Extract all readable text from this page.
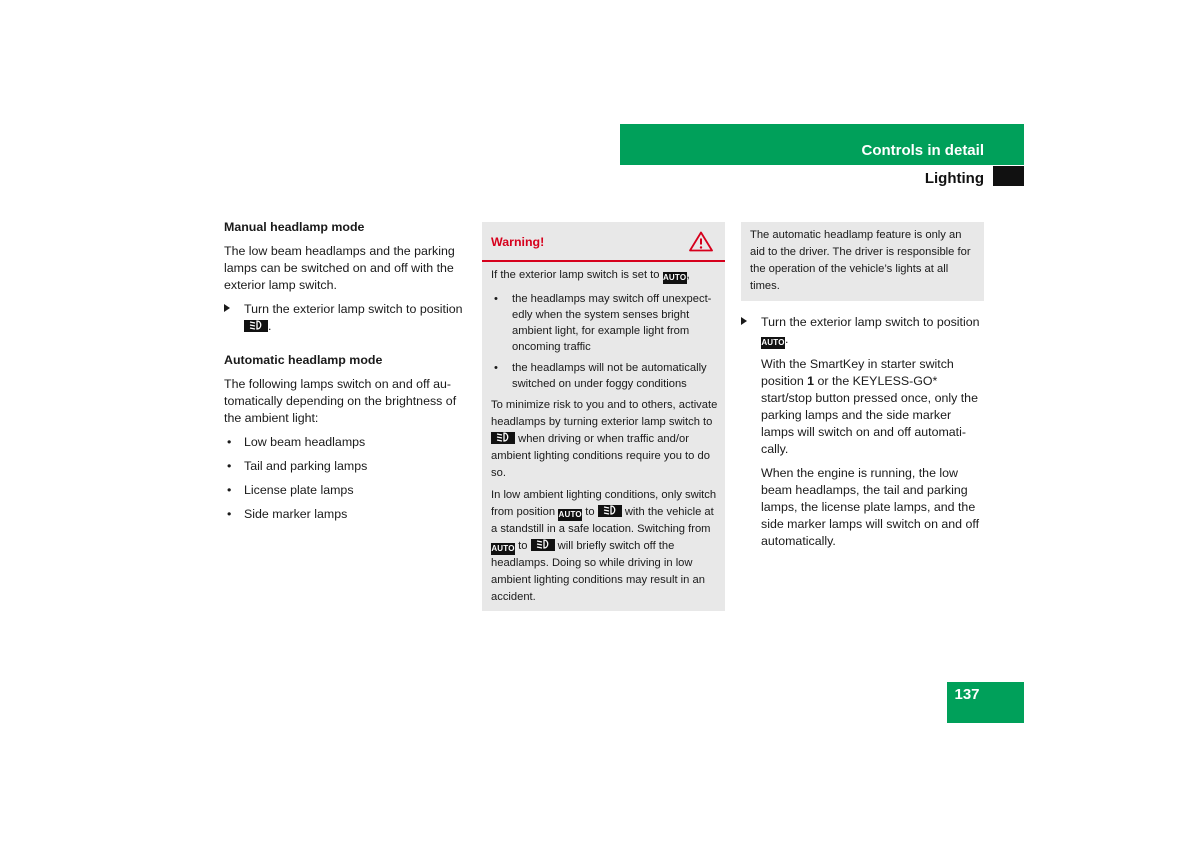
Controls in detail
Lighting

Manual headlamp mode

The low beam headlamps and the parking lamps can be switched on and off with the exterior lamp switch.

Turn the exterior lamp switch to position
.

Automatic headlamp mode

The following lamps switch on and off au-tomatically depending on the brightness of the ambient light:

• Low beam headlamps

• Tail and parking lamps

• License plate lamps

• Side marker lamps

Warning!

If the exterior lamp switch is set to AUTO,

• the headlamps may switch off unexpect-edly when the system senses bright ambient light, for example light from oncoming traffic

• the headlamps will not be automatically switched on under foggy conditions

To minimize risk to you and to others, activate headlamps by turning exterior lamp switch to
when driving or when traffic and/or ambient lighting conditions require you to do so.

In low ambient lighting conditions, only switch from position AUTO to	with the vehicle at a standstill in a safe location. Switching from AUTO to	will briefly switch off the headlamps. Doing so while driving in low ambient lighting conditions may result in an accident.

The automatic headlamp feature is only an aid to the driver. The driver is responsible for the operation of the vehicle’s lights at all times.

Turn the exterior lamp switch to position AUTO.

With the SmartKey in starter switch position 1 or the KEYLESS-GO* start/stop button pressed once, only the parking lamps and the side marker lamps will switch on and off automati-cally.

When the engine is running, the low beam headlamps, the tail and parking lamps, the license plate lamps, and the side marker lamps will switch on and off automatically.

137
